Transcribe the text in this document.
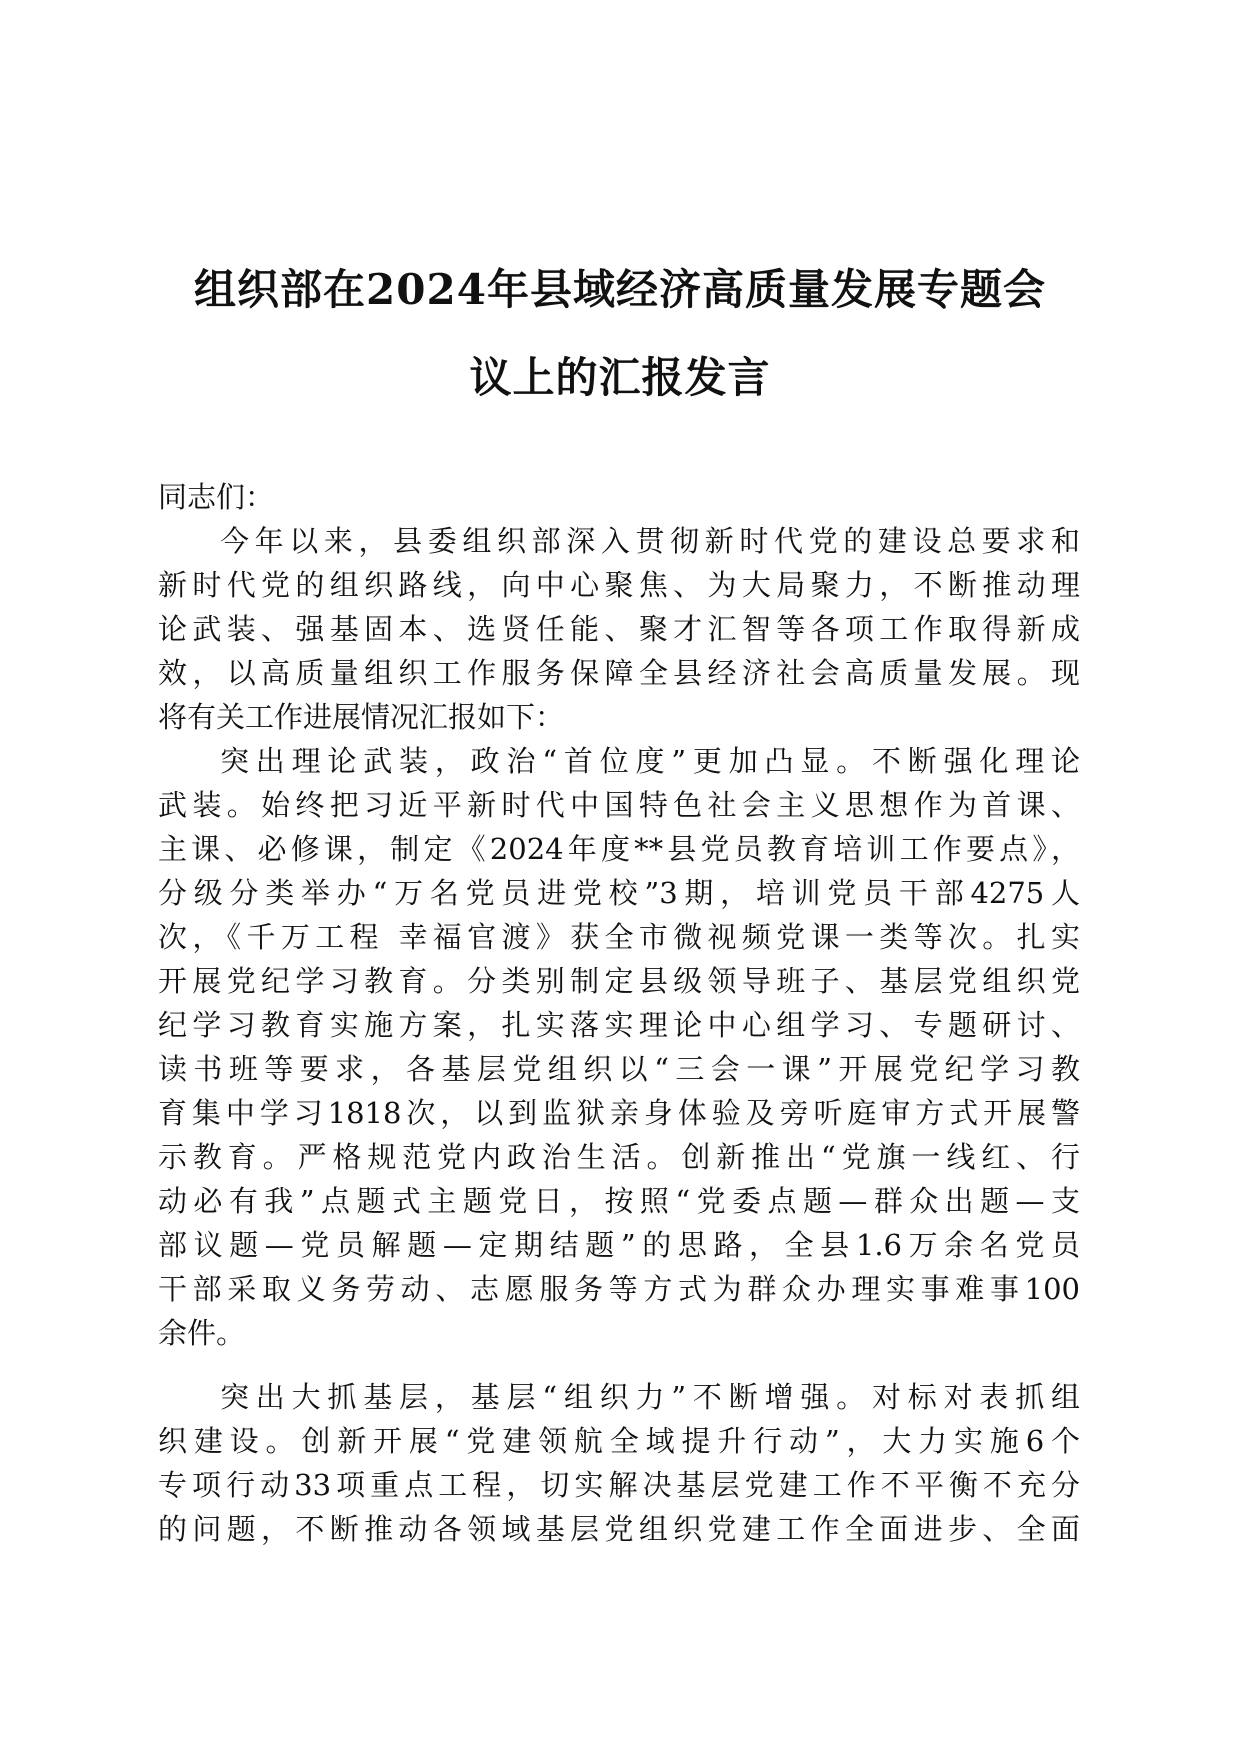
组织部在2024年县域经济高质量发展专题会
议上的汇报发言
同志们：
今年以来，县委组织部深入贯彻新时代党的建设总要求和
新时代党的组织路线，向中心聚焦、为大局聚力，不断推动理
论武装、强基固本、选贤任能、聚才汇智等各项工作取得新成
效，以高质量组织工作服务保障全县经济社会高质量发展。现
将有关工作进展情况汇报如下：
突出理论武装，政治“首位度”更加凸显。不断强化理论
武装。始终把习近平新时代中国特色社会主义思想作为首课、
主课、必修课，制定《2024年度**县党员教育培训工作要点》，
分级分类举办“万名党员进党校”3期，培训党员干部4275人
次，《千万工程 幸福官渡》获全市微视频党课一类等次。扎实
开展党纪学习教育。分类别制定县级领导班子、基层党组织党
纪学习教育实施方案，扎实落实理论中心组学习、专题研讨、
读书班等要求，各基层党组织以“三会一课”开展党纪学习教
育集中学习1818次，以到监狱亲身体验及旁听庭审方式开展警
示教育。严格规范党内政治生活。创新推出“党旗一线红、行
动必有我”点题式主题党日，按照“党委点题—群众出题—支
部议题—党员解题—定期结题”的思路，全县1.6万余名党员
干部采取义务劳动、志愿服务等方式为群众办理实事难事100
余件。
突出大抓基层，基层“组织力”不断增强。对标对表抓组
织建设。创新开展“党建领航全域提升行动”，大力实施6个
专项行动33项重点工程，切实解决基层党建工作不平衡不充分
的问题，不断推动各领域基层党组织党建工作全面进步、全面
